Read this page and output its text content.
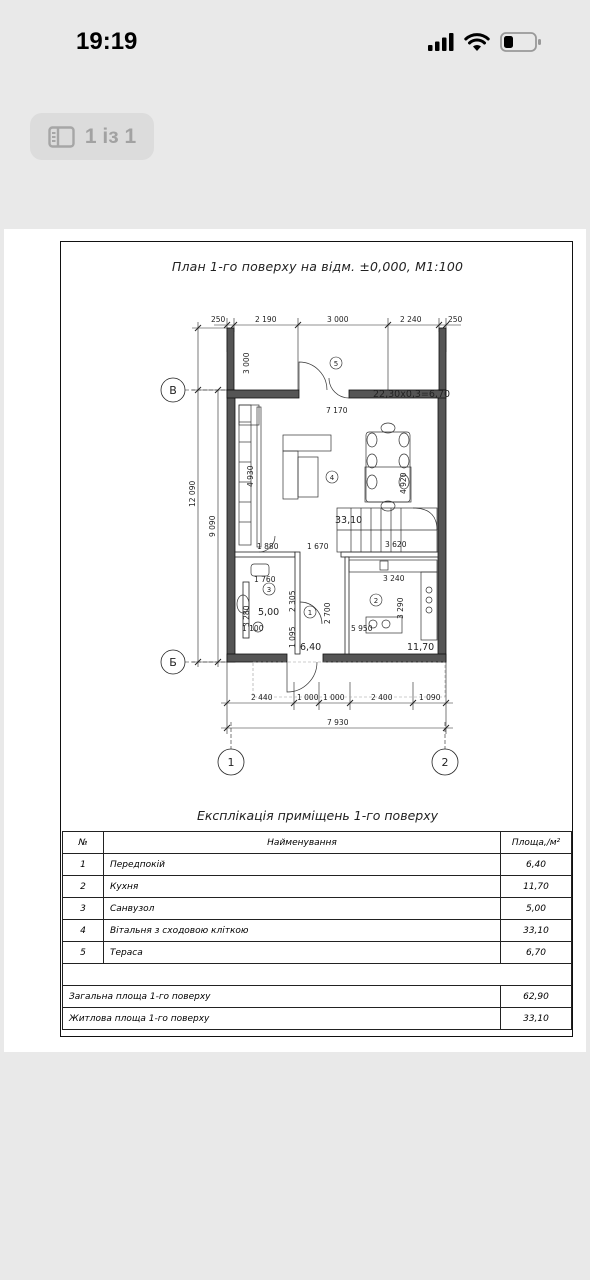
19:19
1 із 1
План 1-го поверху на відм. ±0,000, М1:100
250	2 190	3 000	2 240	250
2 440	1 000 1 000	2 400	1 090
7 930
12 090
9 090
3 000
7 170
4 930	4 920
1 880	1 670	3 620
1 760	3 240
2 305
2 700	3 290
3 280
1 100	1 095	5 950
В
Б
1	2
5
4
3
1
2
22,30х0,3=6,70
33,10
5,00
6,40	11,70
Експлікація приміщень 1-го поверху
№	Найменування	Площа,/м²
1	Передпокій	6,40
2	Кухня	11,70
3	Санвузол	5,00
4	Вітальня з сходовою кліткою	33,10
5	Тераса	6,70

Загальна площа 1-го поверху		62,90
Житлова площа 1-го поверху		33,10
